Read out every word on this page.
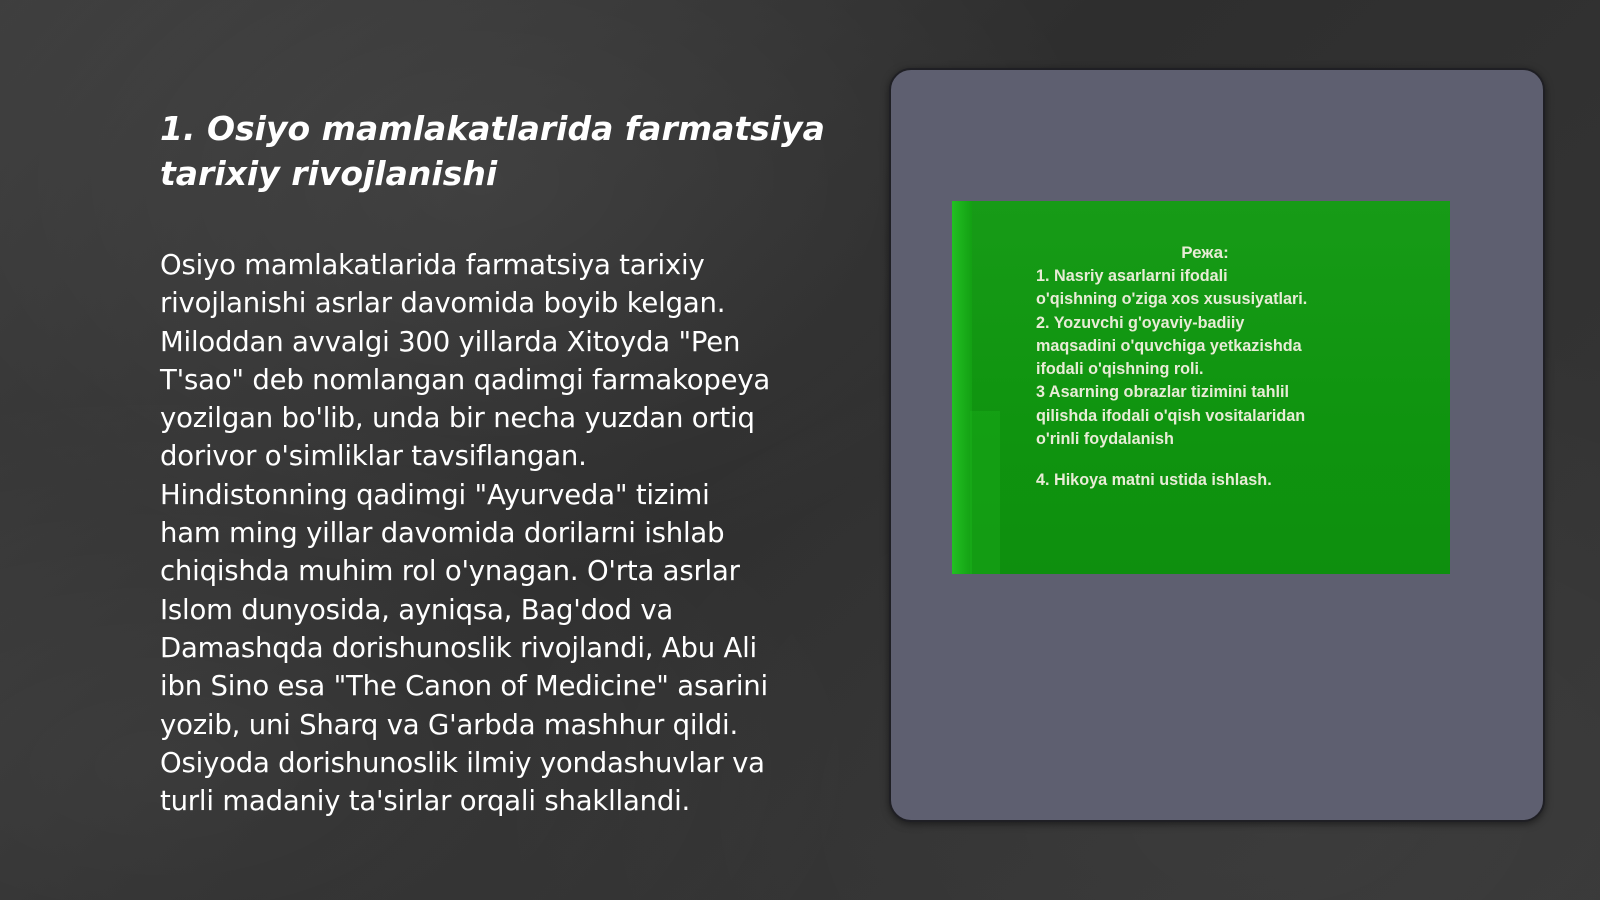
1. Osiyo mamlakatlarida farmatsiya
tarixiy rivojlanishi

Osiyo mamlakatlarida farmatsiya tarixiy
rivojlanishi asrlar davomida boyib kelgan.
Miloddan avvalgi 300 yillarda Xitoyda "Pen
T'sao" deb nomlangan qadimgi farmakopeya
yozilgan bo'lib, unda bir necha yuzdan ortiq
dorivor o'simliklar tavsiflangan.
Hindistonning qadimgi "Ayurveda" tizimi
ham ming yillar davomida dorilarni ishlab
chiqishda muhim rol o'ynagan. O'rta asrlar
Islom dunyosida, ayniqsa, Bag'dod va
Damashqda dorishunoslik rivojlandi, Abu Ali
ibn Sino esa "The Canon of Medicine" asarini
yozib, uni Sharq va G'arbda mashhur qildi.
Osiyoda dorishunoslik ilmiy yondashuvlar va
turli madaniy ta'sirlar orqali shakllandi.

Режа:

1. Nasriy asarlarni ifodali
o'qishning o'ziga xos xususiyatlari.
2. Yozuvchi g'oyaviy-badiiy
maqsadini o'quvchiga yetkazishda
ifodali o'qishning roli.
3 Asarning obrazlar tizimini tahlil
qilishda ifodali o'qish vositalaridan
o'rinli foydalanish

4. Hikoya matni ustida ishlash.
